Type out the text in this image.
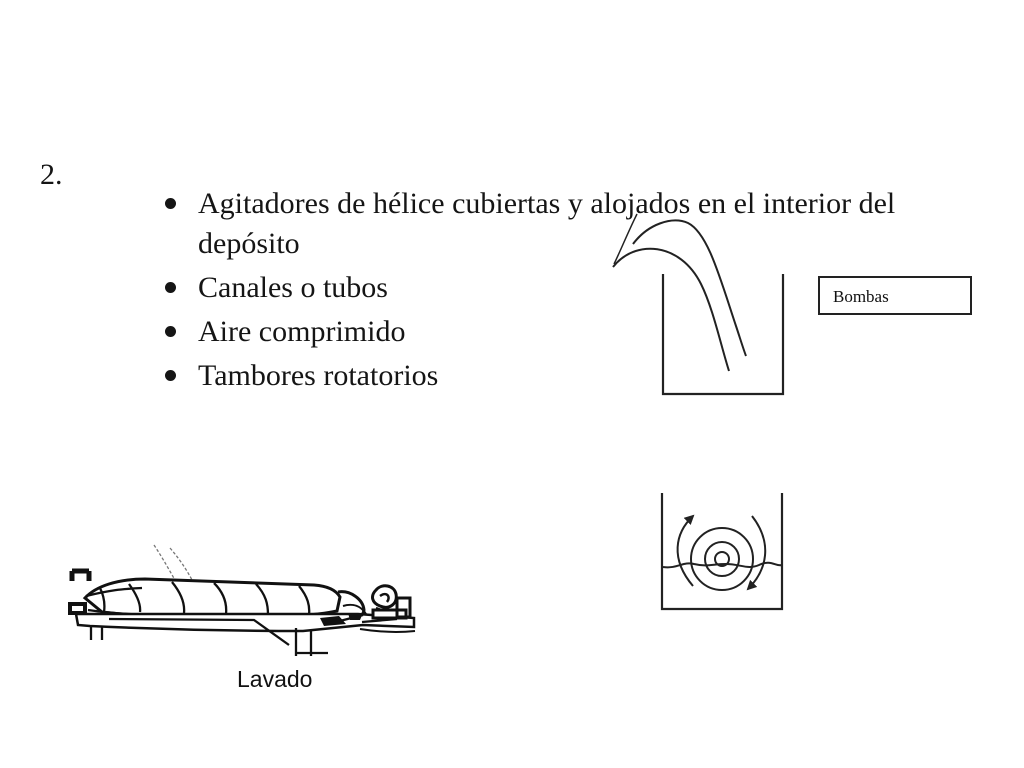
2.
Agitadores de hélice cubiertas y alojados en el interior del
depósito
Canales o tubos
Aire comprimido
Tambores rotatorios
Bombas
Lavado
